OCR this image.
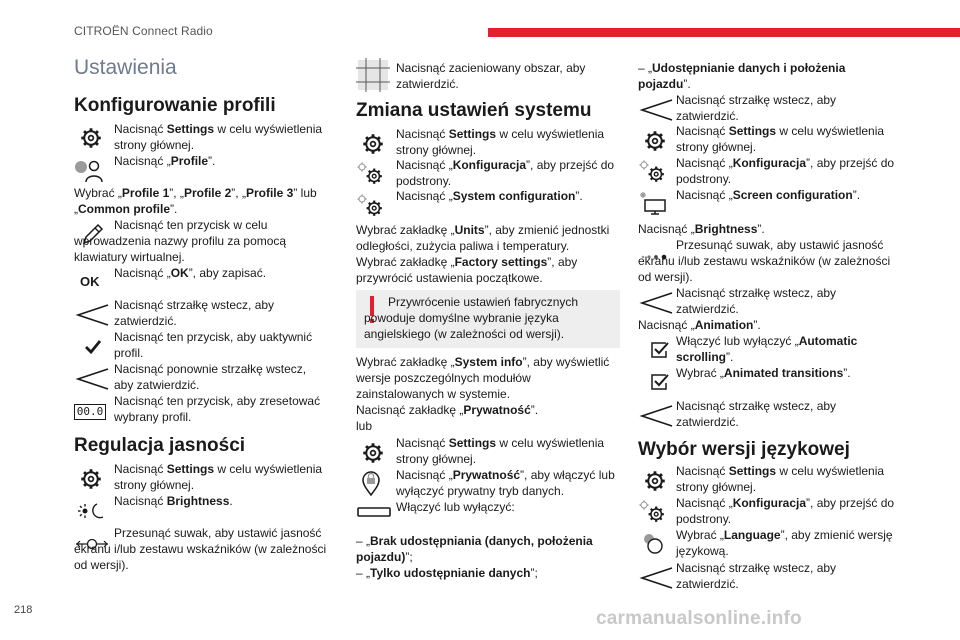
CITROËN Connect Radio
Ustawienia
Konfigurowanie profili
Nacisnąć Settings w celu wyświetlenia strony głównej.
Nacisnąć „Profile”.
Wybrać „Profile 1”, „Profile 2”, „Profile 3” lub „Common profile”.
Nacisnąć ten przycisk w celu wprowadzenia nazwy profilu za pomocą klawiatury wirtualnej.
OK
Nacisnąć „OK”, aby zapisać.
Nacisnąć strzałkę wstecz, aby zatwierdzić.
Nacisnąć ten przycisk, aby uaktywnić profil.
Nacisnąć ponownie strzałkę wstecz, aby zatwierdzić.
00.0
Nacisnąć ten przycisk, aby zresetować wybrany profil.
Regulacja jasności
Nacisnąć Settings w celu wyświetlenia strony głównej.
Nacisnąć Brightness.
Przesunąć suwak, aby ustawić jasność ekranu i/lub zestawu wskaźników (w zależności od wersji).
Nacisnąć zacieniowany obszar, aby zatwierdzić.
Zmiana ustawień systemu
Nacisnąć Settings w celu wyświetlenia strony głównej.
Nacisnąć „Konfiguracja”, aby przejść do podstrony.
Nacisnąć „System configuration”.
Wybrać zakładkę „Units”, aby zmienić jednostki odległości, zużycia paliwa i temperatury.
Wybrać zakładkę „Factory settings”, aby przywrócić ustawienia początkowe.
Przywrócenie ustawień fabrycznych powoduje domyślne wybranie języka angielskiego (w zależności od wersji).
Wybrać zakładkę „System info”, aby wyświetlić wersje poszczególnych modułów zainstalowanych w systemie.
Nacisnąć zakładkę „Prywatność”.
lub
Nacisnąć Settings w celu wyświetlenia strony głównej.
Nacisnąć „Prywatność”, aby włączyć lub wyłączyć prywatny tryb danych.
Włączyć lub wyłączyć:
– „Brak udostępniania (danych, położenia pojazdu)”;
– „Tylko udostępnianie danych”;
– „Udostępnianie danych i położenia pojazdu”.
Nacisnąć strzałkę wstecz, aby zatwierdzić.
Nacisnąć Settings w celu wyświetlenia strony głównej.
Nacisnąć „Konfiguracja”, aby przejść do podstrony.
Nacisnąć „Screen configuration”.
Nacisnąć „Brightness”.
Przesunąć suwak, aby ustawić jasność ekranu i/lub zestawu wskaźników (w zależności od wersji).
Nacisnąć strzałkę wstecz, aby zatwierdzić.
Nacisnąć „Animation”.
Włączyć lub wyłączyć „Automatic scrolling”.
Wybrać „Animated transitions”.
Nacisnąć strzałkę wstecz, aby zatwierdzić.
Wybór wersji językowej
Nacisnąć Settings w celu wyświetlenia strony głównej.
Nacisnąć „Konfiguracja”, aby przejść do podstrony.
Wybrać „Language”, aby zmienić wersję językową.
Nacisnąć strzałkę wstecz, aby zatwierdzić.
218	carmanualsonline.info
